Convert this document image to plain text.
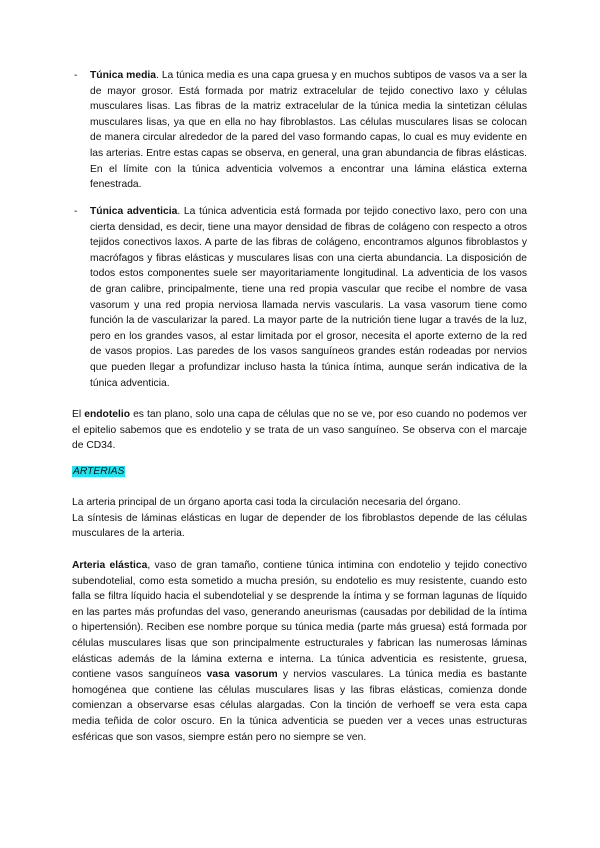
- Túnica media. La túnica media es una capa gruesa y en muchos subtipos de vasos va a ser la de mayor grosor. Está formada por matriz extracelular de tejido conectivo laxo y células musculares lisas. Las fibras de la matriz extracelular de la túnica media la sintetizan células musculares lisas, ya que en ella no hay fibroblastos. Las células musculares lisas se colocan de manera circular alrededor de la pared del vaso formando capas, lo cual es muy evidente en las arterias. Entre estas capas se observa, en general, una gran abundancia de fibras elásticas. En el límite con la túnica adventicia volvemos a encontrar una lámina elástica externa fenestrada.

- Túnica adventicia. La túnica adventicia está formada por tejido conectivo laxo, pero con una cierta densidad, es decir, tiene una mayor densidad de fibras de colágeno con respecto a otros tejidos conectivos laxos. A parte de las fibras de colágeno, encontramos algunos fibroblastos y macrófagos y fibras elásticas y musculares lisas con una cierta abundancia. La disposición de todos estos componentes suele ser mayoritariamente longitudinal. La adventicia de los vasos de gran calibre, principalmente, tiene una red propia vascular que recibe el nombre de vasa vasorum y una red propia nerviosa llamada nervis vascularis. La vasa vasorum tiene como función la de vascularizar la pared. La mayor parte de la nutrición tiene lugar a través de la luz, pero en los grandes vasos, al estar limitada por el grosor, necesita el aporte externo de la red de vasos propios. Las paredes de los vasos sanguíneos grandes están rodeadas por nervios que pueden llegar a profundizar incluso hasta la túnica íntima, aunque serán indicativa de la túnica adventicia.

El endotelio es tan plano, solo una capa de células que no se ve, por eso cuando no podemos ver el epitelio sabemos que es endotelio y se trata de un vaso sanguíneo. Se observa con el marcaje de CD34.

ARTERIAS

La arteria principal de un órgano aporta casi toda la circulación necesaria del órgano.

La síntesis de láminas elásticas en lugar de depender de los fibroblastos depende de las células musculares de la arteria.

Arteria elástica, vaso de gran tamaño, contiene túnica intimina con endotelio y tejido conectivo subendotelial, como esta sometido a mucha presión, su endotelio es muy resistente, cuando esto falla se filtra líquido hacia el subendotelial y se desprende la íntima y se forman lagunas de líquido en las partes más profundas del vaso, generando aneurismas (causadas por debilidad de la íntima o hipertensión). Reciben ese nombre porque su túnica media (parte más gruesa) está formada por células musculares lisas que son principalmente estructurales y fabrican las numerosas láminas elásticas además de la lámina externa e interna. La túnica adventicia es resistente, gruesa, contiene vasos sanguíneos vasa vasorum y nervios vasculares. La túnica media es bastante homogénea que contiene las células musculares lisas y las fibras elásticas, comienza donde comienzan a observarse esas células alargadas. Con la tinción de verhoeff se vera esta capa media teñida de color oscuro. En la túnica adventicia se pueden ver a veces unas estructuras esféricas que son vasos, siempre están pero no siempre se ven.
